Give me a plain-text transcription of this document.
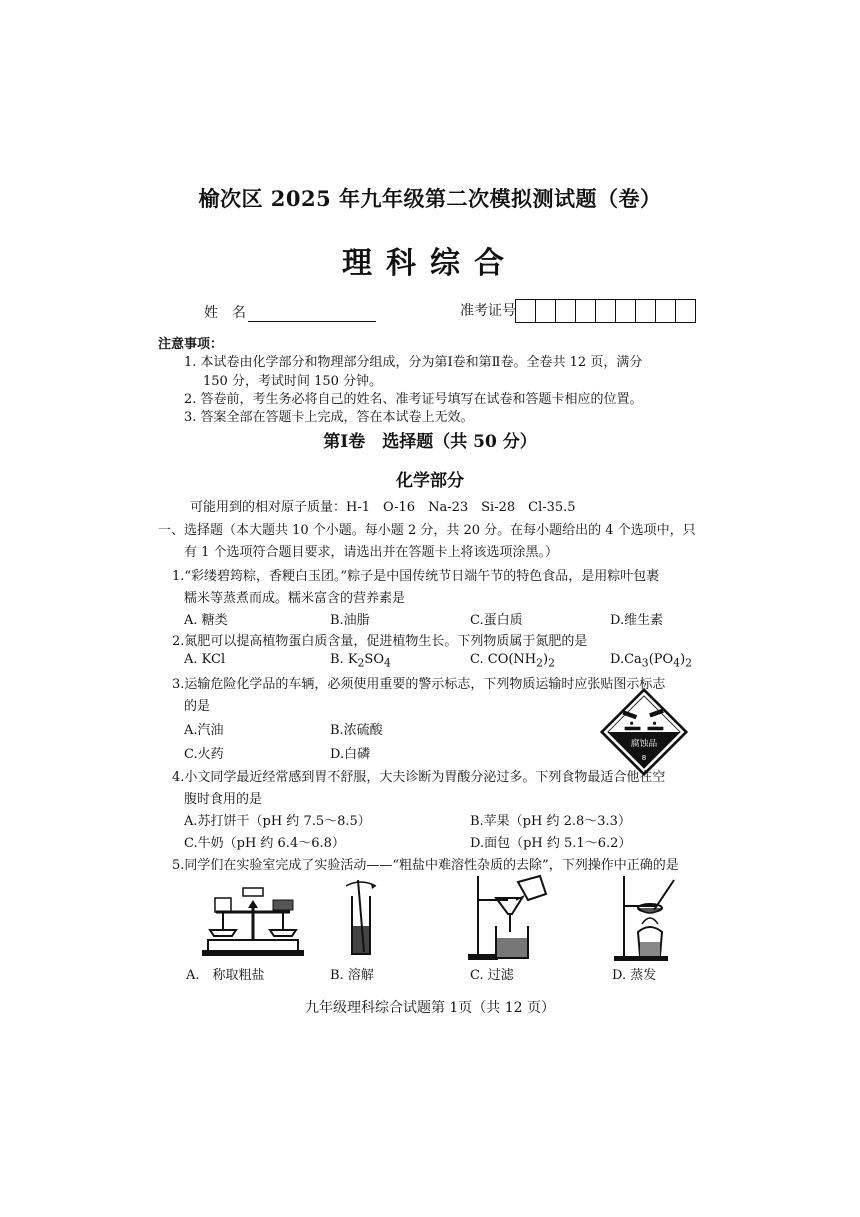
榆次区 2025 年九年级第二次模拟测试题（卷）
理科综合
姓　名	准考证号
注意事项：
1. 本试卷由化学部分和物理部分组成，分为第Ⅰ卷和第Ⅱ卷。全卷共 12 页，满分
150 分，考试时间 150 分钟。
2. 答卷前，考生务必将自己的姓名、准考证号填写在试卷和答题卡相应的位置。
3. 答案全部在答题卡上完成，答在本试卷上无效。
第Ⅰ卷　选择题（共 50 分）
化学部分
可能用到的相对原子质量：H-1　O-16　Na-23　Si-28　Cl-35.5
一、选择题（本大题共 10 个小题。每小题 2 分，共 20 分。在每小题给出的 4 个选项中，只
有 1 个选项符合题目要求，请选出并在答题卡上将该选项涂黑。）
1.“彩缕碧筠粽，香粳白玉团。”粽子是中国传统节日端午节的特色食品，是用粽叶包裹
糯米等蒸煮而成。糯米富含的营养素是
A. 糖类	B.油脂	C.蛋白质	D.维生素
2.氮肥可以提高植物蛋白质含量，促进植物生长。下列物质属于氮肥的是
A. KCl	B. $K_2SO_4$	C. $CO(NH_2)_2$	$D.Ca_3(PO_4)_2$
3.运输危险化学品的车辆，必须使用重要的警示标志，下列物质运输时应张贴图示标志
的是
A.汽油	B.浓硫酸
C.火药	D.白磷
腐蚀品
8
4.小文同学最近经常感到胃不舒服，大夫诊断为胃酸分泌过多。下列食物最适合他在空
腹时食用的是
A.苏打饼干（pH 约 7.5～8.5）	B.苹果（pH 约 2.8～3.3）
C.牛奶（pH 约 6.4～6.8）	D.面包（pH 约 5.1～6.2）
5.同学们在实验室完成了实验活动——“粗盐中难溶性杂质的去除”，下列操作中正确的是
A.　称取粗盐	B. 溶解	C. 过滤	D. 蒸发
九年级理科综合试题第 1页（共 12 页）
